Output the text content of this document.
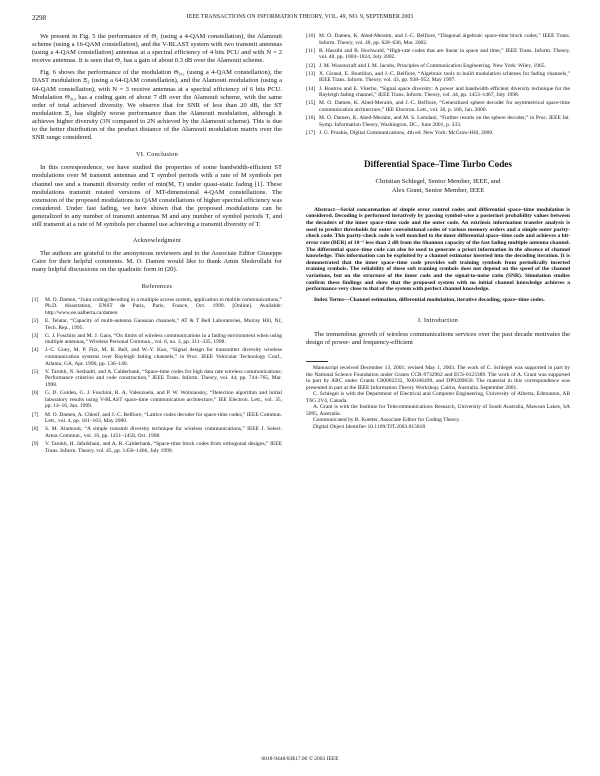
2298	IEEE TRANSACTIONS ON INFORMATION THEORY, VOL. 49, NO. 9, SEPTEMBER 2003

We present in Fig. 5 the performance of Θ₂ (using a 4-QAM constellation), the Alamouti scheme (using a 16-QAM constellation), and the V-BLAST system with two transmit antennas (using a 4-QAM constellation) antennas at a spectral efficiency of 4 bits PCU and with N = 2 receive antennas. It is seen that Θ₂ has a gain of about 0.3 dB over the Alamouti scheme.

Fig. 6 shows the performance of the modulation Θ₃,₂ (using a 4-QAM constellation), the DAST modulation Ξ₃ (using a 64-QAM constellation), and the Alamouti modulation (using a 64-QAM constellation), with N = 3 receive antennas at a spectral efficiency of 6 bits PCU. Modulation Θ₃,₂ has a coding gain of about 7 dB over the Alamouti scheme, with the same order of total achieved diversity. We observe that for SNR of less than 20 dB, the ST modulation Ξ₃ has slightly worse performance than the Alamouti modulation, although it achieves higher diversity (3N compared to 2N achieved by the Alamouti scheme). This is due to the better distribution of the product distance of the Alamouti modulation matrix over the SNR range considered.

VI. Conclusion

In this correspondence, we have studied the properties of some bandwidth-efficient ST modulations over M transmit antennas and T symbol periods with a rate of M symbols per channel use and a transmit diversity order of min(M, T) under quasi-static fading [1]. These modulations transmit rotated versions of MT-dimensional 4-QAM constellations. The extension of the proposed modulations to QAM constellations of higher spectral efficiency was considered. Under fast fading, we have shown that the proposed modulations can be generalized to any number of transmit antennas M and any number of symbol periods T, and still transmit at a rate of M symbols per channel use achieving a transmit diversity of T.

Acknowledgment

The authors are grateful to the anonymous reviewers and to the Associate Editor Giuseppe Caire for their helpful comments. M. O. Damen would like to thank Amin Shokrollahi for many helpful discussions on the quadratic form in (20).

References
[1]	M. O. Damen, “Joint coding/decoding in a multiple access system, application to mobile communications,” Ph.D. dissertation, ENST de Paris, Paris, France, Oct. 1999. [Online]. Available: http://www.ee.ualberta.ca/damen
[2]	E. Telatar, “Capacity of multi-antenna Gaussian channels,” AT & T Bell Laboratories, Murray Hill, NJ, Tech. Rep., 1995.
[3]	G. J. Foschini and M. J. Gans, “On limits of wireless communications in a fading environment when using multiple antennas,” Wireless Personal Commun., vol. 6, no. 3, pp. 311–335, 1998.
[4]	J.-C. Guey, M. P. Fitz, M. R. Bell, and W.-Y. Kuo, “Signal design for transmitter diversity wireless communication systems over Rayleigh fading channels,” in Proc. IEEE Vehicular Technology Conf., Atlanta, GA, Apr. 1996, pp. 136–140.
[5]	V. Tarokh, N. Seshadri, and A. Calderbank, “Space-time codes for high data rate wireless communications: Performance criterion and code construction,” IEEE Trans. Inform. Theory, vol. 44, pp. 744–765, Mar. 1998.
[6]	G. D. Golden, G. J. Foschini, R. A. Valenzuela, and P. W. Wolniansky, “Detection algorithm and initial laboratory results using V-BLAST space-time communication architecture,” IEE Electron. Lett., vol. 35, pp. 14–16, Jan. 1999.
[7]	M. O. Damen, A. Chkeif, and J.-C. Belfiore, “Lattice codes decoder for space-time codes,” IEEE Commun. Lett., vol. 4, pp. 161–163, May 2000.
[8]	S. M. Alamouti, “A simple transmit diversity technique for wireless communications,” IEEE J. Select. Areas Commun., vol. 16, pp. 1451–1458, Oct. 1998.
[9]	V. Tarokh, H. Jafarkhani, and A. R. Calderbank, “Space-time block codes from orthogonal designs,” IEEE Trans. Inform. Theory, vol. 45, pp. 1456–1466, July 1999.
[10] M. O. Damen, K. Abed-Meraim, and J.-C. Belfiore, “Diagonal algebraic space-time block codes,” IEEE Trans. Inform. Theory, vol. 48, pp. 628–636, Mar. 2002.
[11] B. Hassibi and B. Hochwald, “High-rate codes that are linear in space and time,” IEEE Trans. Inform. Theory, vol. 48, pp. 1804–1824, July 2002.
[12] J. M. Wozencraft and I. M. Jacobs, Principles of Communication Engineering. New York: Wiley, 1965.
[13] X. Giraud, E. Boutillon, and J.-C. Belfiore, “Algebraic tools to build modulation schemes for fading channels,” IEEE Trans. Inform. Theory, vol. 43, pp. 938–952, May 1997.
[14] J. Boutros and E. Viterbo, “Signal space diversity: A power and bandwidth efficient diversity technique for the Rayleigh fading channel,” IEEE Trans. Inform. Theory, vol. 44, pp. 1453–1467, July 1998.
[15] M. O. Damen, K. Abed-Meraim, and J.-C. Belfiore, “Generalized sphere decoder for asymmetrical space-time communication architecture,” IEE Electron. Lett., vol. 36, p. 166, Jan. 2000.
[16] M. O. Damen, K. Abed-Meraim, and M. S. Lemdani, “Further results on the sphere decoder,” in Proc. IEEE Int. Symp. Information Theory, Washington, DC., June 2001, p. 333.
[17] J. G. Proakis, Digital Communications, 4th ed. New York: McGraw-Hill, 2000.
Differential Space–Time Turbo Codes
Christian Schlegel, Senior Member, IEEE, and
Alex Grant, Senior Member, IEEE

Abstract—Serial concatenation of simple error control codes and differential space–time modulation is considered. Decoding is performed iteratively by passing symbol-wise a posteriori probability values between the decoders of the inner space–time code and the outer code. An extrinsic information transfer analysis is used to predict thresholds for outer convolutional codes of various memory orders and a simple outer parity-check code. This parity-check code is well matched to the inner differential space–time code and achieves a bit-error rate (BER) of 10⁻⁵ less than 2 dB from the Shannon capacity of the fast fading multiple antenna channel. The differential space–time code can also be used to generate a priori information in the absence of channel knowledge. This information can be exploited by a channel estimator inserted into the decoding iteration. It is demonstrated that the inner space–time code provides soft training symbols from periodically inserted training symbols. The reliability of these soft training symbols does not depend on the speed of the channel variations, but on the structure of the inner code and the signal-to-noise ratio (SNR). Simulation studies confirm these findings and show that the proposed system with no initial channel knowledge achieves a performance very close to that of the system with perfect channel knowledge.

Index Terms—Channel estimation, differential modulation, iterative decoding, space–time codes.

I. Introduction

The tremendous growth of wireless communications services over the past decade motivates the design of power- and frequency-efficient

Manuscript received December 13, 2001; revised May 1, 2003. The work of C. Schlegel was supported in part by the National Science Foundation under Grants CCR-9732962 and ECS-0123389. The work of A. Grant was supported in part by ARC under Grants C00002232, X00106499, and DP0209658. The material in this correspondence was presented in part at the IEEE Information Theory Workshop, Cairns, Australia, September 2001.

C. Schlegel is with the Department of Electrical and Computer Engineering, University of Alberta, Edmonton, AB T6G 2V4, Canada.

A. Grant is with the Institute for Telecommunications Research, University of South Australia, Mawson Lakes, SA 5095, Australia.

Communicated by R. Koetter, Associate Editor for Coding Theory.

Digital Object Identifier 10.1109/TIT.2003.815818

0018-9448/03$17.00 © 2003 IEEE
